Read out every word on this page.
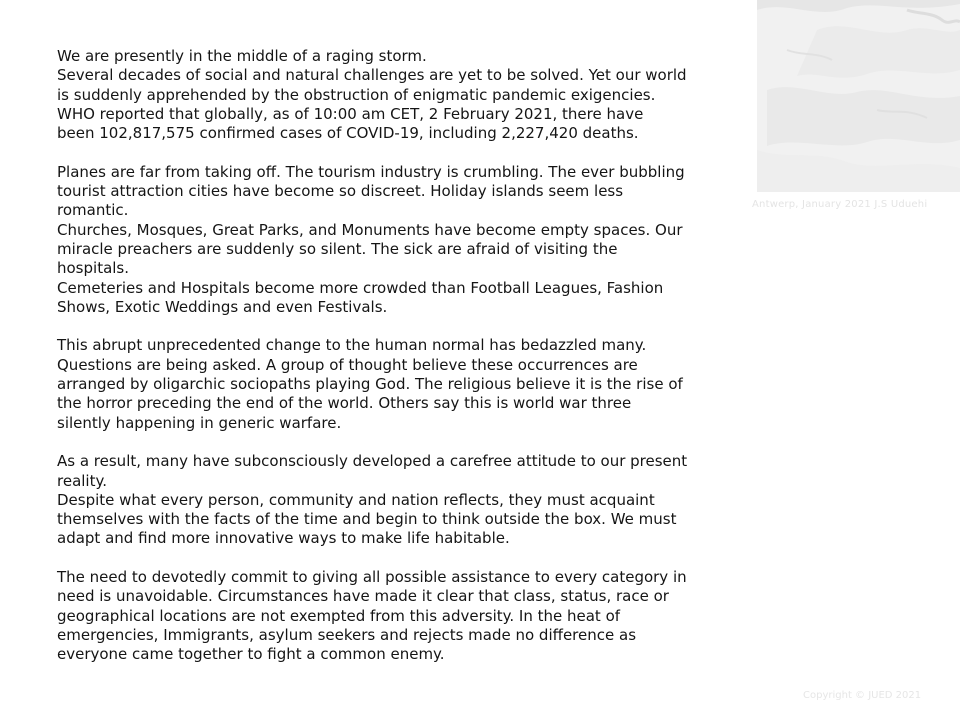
Antwerp, January 2021 J.S Uduehi

We are presently in the middle of a raging storm.
Several decades of social and natural challenges are yet to be solved. Yet our world
is suddenly apprehended by the obstruction of enigmatic pandemic exigencies.
WHO reported that globally, as of 10:00 am CET, 2 February 2021, there have
been 102,817,575 confirmed cases of COVID-19, including 2,227,420 deaths.

Planes are far from taking off. The tourism industry is crumbling. The ever bubbling
tourist attraction cities have become so discreet. Holiday islands seem less
romantic.
Churches, Mosques, Great Parks, and Monuments have become empty spaces. Our
miracle preachers are suddenly so silent. The sick are afraid of visiting the
hospitals.
Cemeteries and Hospitals become more crowded than Football Leagues, Fashion
Shows, Exotic Weddings and even Festivals.

This abrupt unprecedented change to the human normal has bedazzled many.
Questions are being asked. A group of thought believe these occurrences are
arranged by oligarchic sociopaths playing God. The religious believe it is the rise of
the horror preceding the end of the world. Others say this is world war three
silently happening in generic warfare.

As a result, many have subconsciously developed a carefree attitude to our present
reality.
Despite what every person, community and nation reflects, they must acquaint
themselves with the facts of the time and begin to think outside the box. We must
adapt and find more innovative ways to make life habitable.

The need to devotedly commit to giving all possible assistance to every category in
need is unavoidable. Circumstances have made it clear that class, status, race or
geographical locations are not exempted from this adversity. In the heat of
emergencies, Immigrants, asylum seekers and rejects made no difference as
everyone came together to fight a common enemy.

Copyright © JUED 2021
